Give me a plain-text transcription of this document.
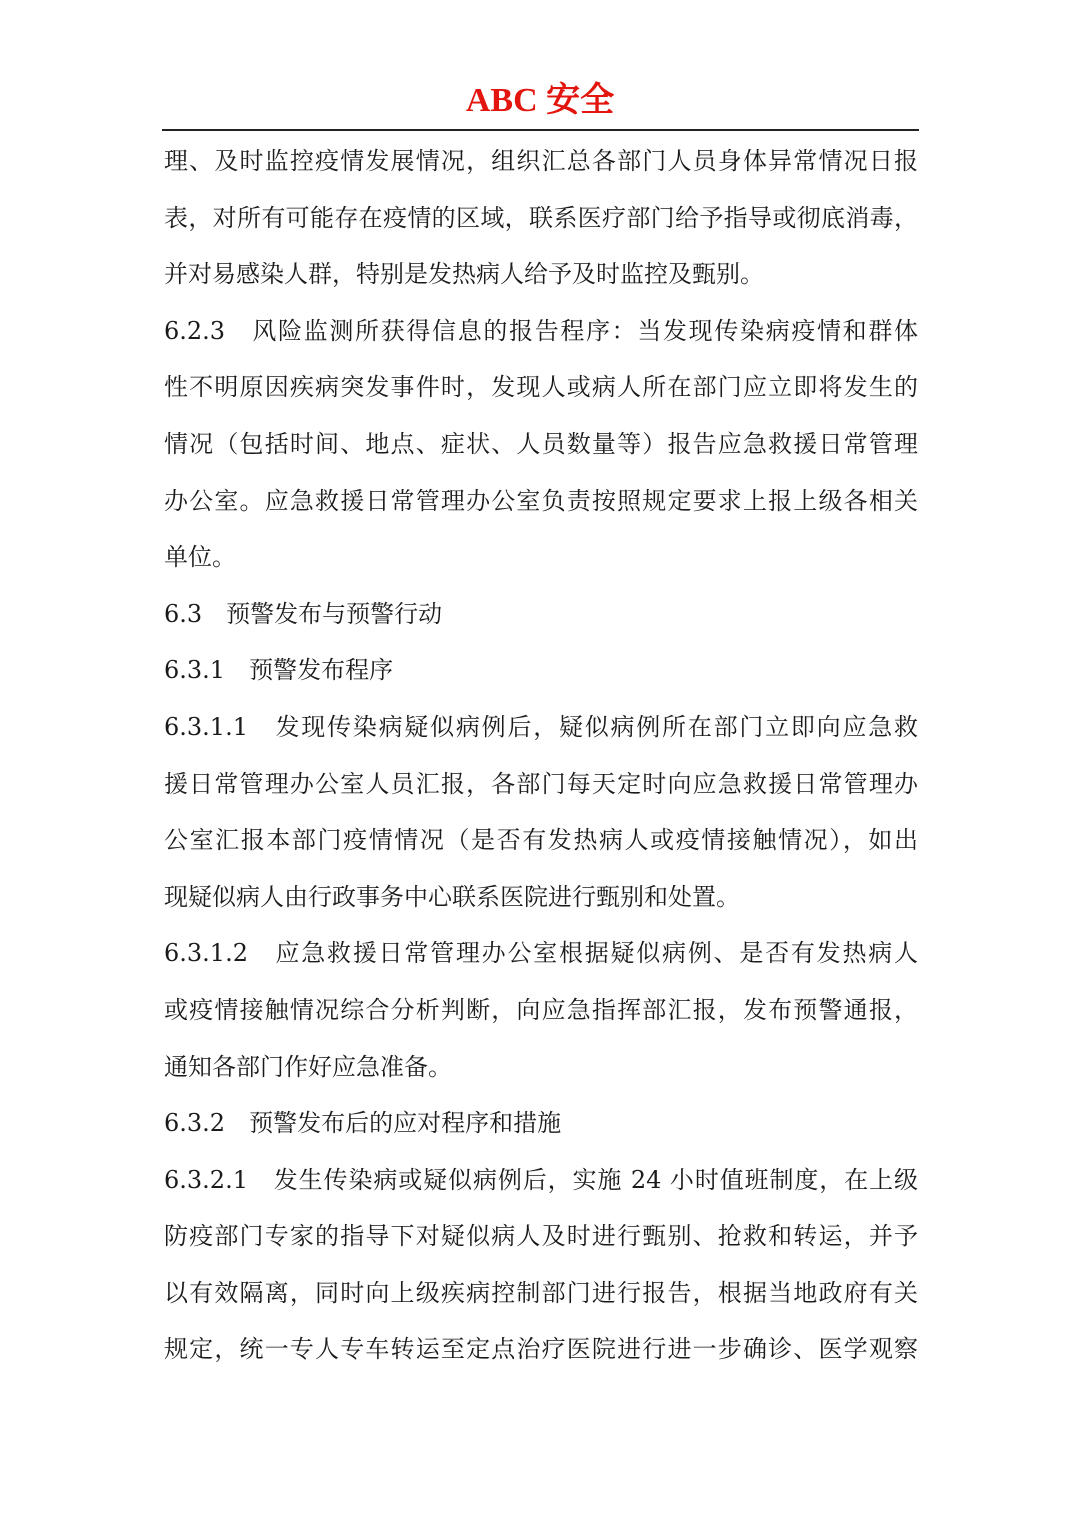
ABC 安全
理、及时监控疫情发展情况，组织汇总各部门人员身体异常情况日报
表，对所有可能存在疫情的区域，联系医疗部门给予指导或彻底消毒，
并对易感染人群，特别是发热病人给予及时监控及甄别。
6.2.3　风险监测所获得信息的报告程序：当发现传染病疫情和群体
性不明原因疾病突发事件时，发现人或病人所在部门应立即将发生的
情况（包括时间、地点、症状、人员数量等）报告应急救援日常管理
办公室。应急救援日常管理办公室负责按照规定要求上报上级各相关
单位。
6.3　预警发布与预警行动
6.3.1　预警发布程序
6.3.1.1　发现传染病疑似病例后，疑似病例所在部门立即向应急救
援日常管理办公室人员汇报，各部门每天定时向应急救援日常管理办
公室汇报本部门疫情情况（是否有发热病人或疫情接触情况），如出
现疑似病人由行政事务中心联系医院进行甄别和处置。
6.3.1.2　应急救援日常管理办公室根据疑似病例、是否有发热病人
或疫情接触情况综合分析判断，向应急指挥部汇报，发布预警通报，
通知各部门作好应急准备。
6.3.2　预警发布后的应对程序和措施
6.3.2.1　发生传染病或疑似病例后，实施 24 小时值班制度，在上级
防疫部门专家的指导下对疑似病人及时进行甄别、抢救和转运，并予
以有效隔离，同时向上级疾病控制部门进行报告，根据当地政府有关
规定，统一专人专车转运至定点治疗医院进行进一步确诊、医学观察
